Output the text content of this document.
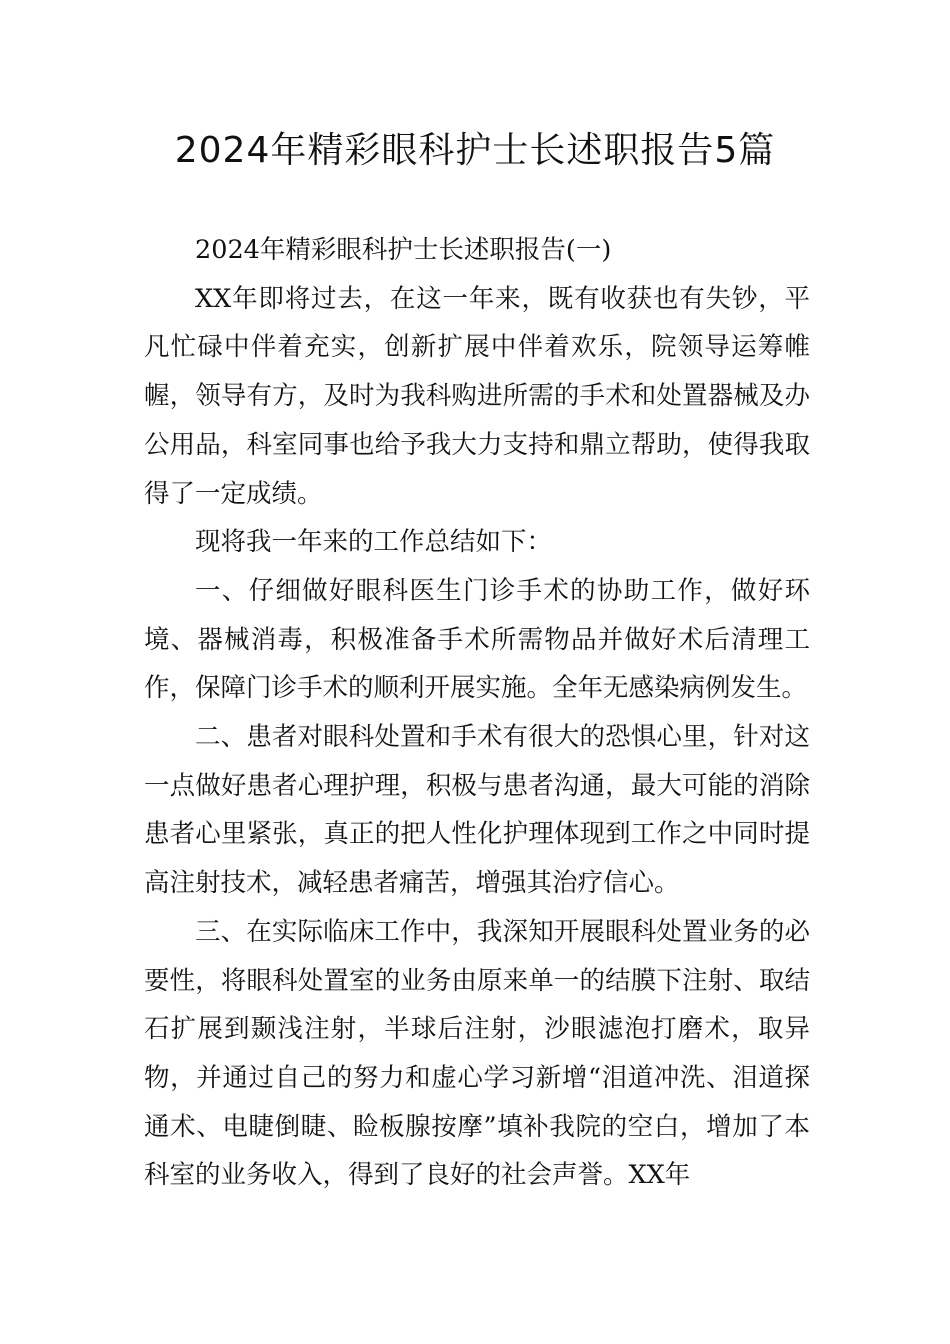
2024年精彩眼科护士长述职报告5篇

2024年精彩眼科护士长述职报告(一)

XX年即将过去，在这一年来，既有收获也有失钞，平凡忙碌中伴着充实，创新扩展中伴着欢乐，院领导运筹帷幄，领导有方，及时为我科购进所需的手术和处置器械及办公用品，科室同事也给予我大力支持和鼎立帮助，使得我取得了一定成绩。

现将我一年来的工作总结如下：

一、仔细做好眼科医生门诊手术的协助工作，做好环境、器械消毒，积极准备手术所需物品并做好术后清理工作，保障门诊手术的顺利开展实施。全年无感染病例发生。

二、患者对眼科处置和手术有很大的恐惧心里，针对这一点做好患者心理护理，积极与患者沟通，最大可能的消除患者心里紧张，真正的把人性化护理体现到工作之中同时提高注射技术，减轻患者痛苦，增强其治疗信心。

三、在实际临床工作中，我深知开展眼科处置业务的必要性，将眼科处置室的业务由原来单一的结膜下注射、取结石扩展到颞浅注射，半球后注射，沙眼滤泡打磨术，取异物，并通过自己的努力和虚心学习新增“泪道冲洗、泪道探通术、电睫倒睫、睑板腺按摩”填补我院的空白，增加了本科室的业务收入，得到了良好的社会声誉。XX年
